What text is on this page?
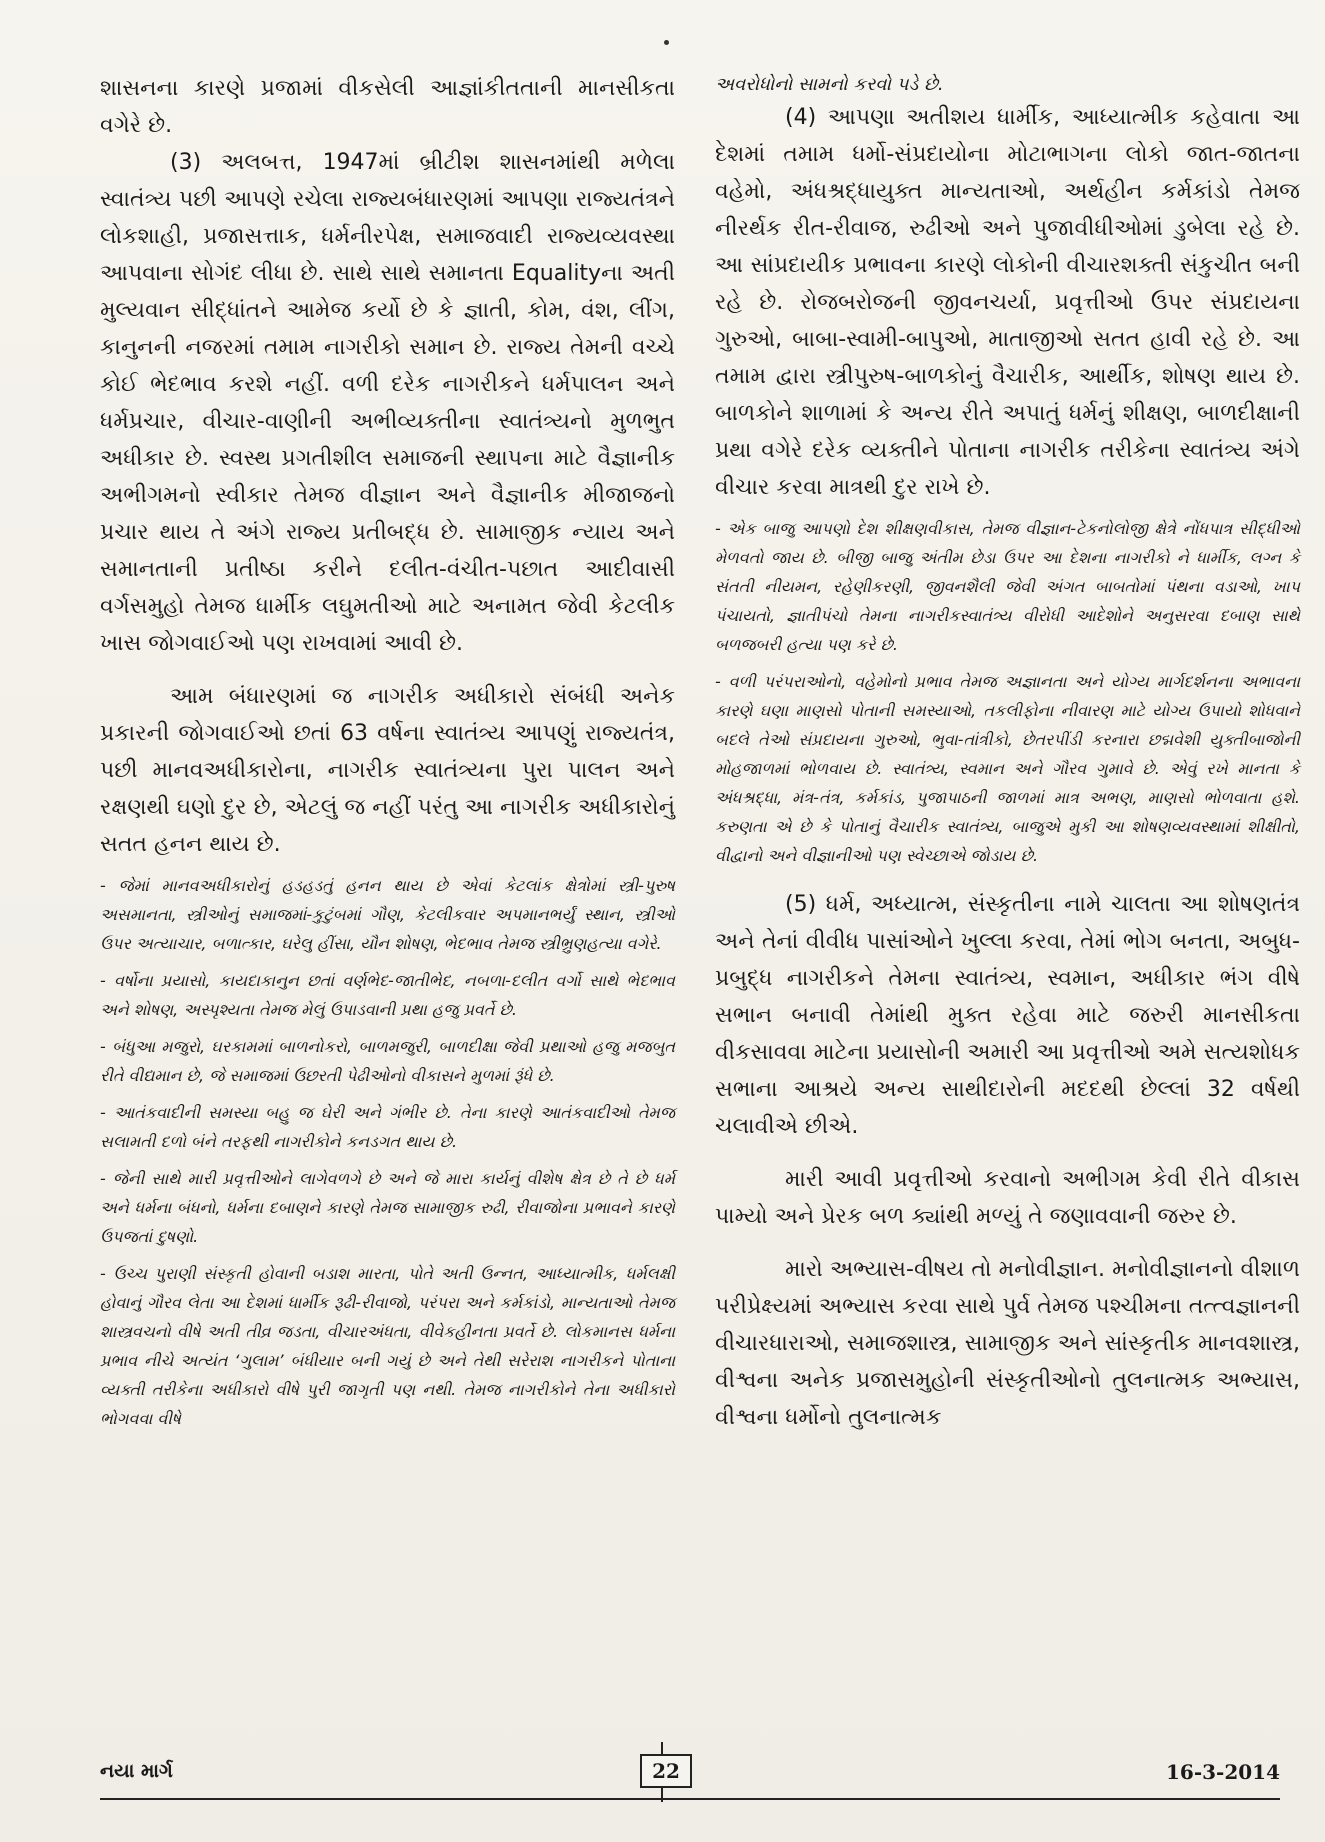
શાસનના કારણે પ્રજામાં વીકસેલી આજ્ઞાંકીતતાની માનસીકતા વગેરે છે.

(3) અલબત્ત, 1947માં બ્રીટીશ શાસનમાંથી મળેલા સ્વાતંત્ર્ય પછી આપણે રચેલા રાજ્યબંધારણમાં આપણા રાજ્યતંત્રને લોકશાહી, પ્રજાસત્તાક, ધર્મનીરપેક્ષ, સમાજવાદી રાજ્યવ્યવસ્થા આપવાના સોગંદ લીધા છે. સાથે સાથે સમાનતા Equalityના અતી મુલ્યવાન સીદ્ધાંતને આમેજ કર્યો છે કે જ્ઞાતી, કોમ, વંશ, લીંગ, કાનુનની નજરમાં તમામ નાગરીકો સમાન છે. રાજ્ય તેમની વચ્ચે કોઈ ભેદભાવ કરશે નહીં. વળી દરેક નાગરીકને ધર્મપાલન અને ધર્મપ્રચાર, વીચાર-વાણીની અભીવ્યક્તીના સ્વાતંત્ર્યનો મુળભુત અધીકાર છે. સ્વસ્થ પ્રગતીશીલ સમાજની સ્થાપના માટે વૈજ્ઞાનીક અભીગમનો સ્વીકાર તેમજ વીજ્ઞાન અને વૈજ્ઞાનીક મીજાજનો પ્રચાર થાય તે અંગે રાજ્ય પ્રતીબદ્ધ છે. સામાજીક ન્યાય અને સમાનતાની પ્રતીષ્ઠા કરીને દલીત-વંચીત-પછાત આદીવાસી વર્ગસમુહો તેમજ ધાર્મીક લઘુમતીઓ માટે અનામત જેવી કેટલીક ખાસ જોગવાઈઓ પણ રાખવામાં આવી છે.

આમ બંધારણમાં જ નાગરીક અધીકારો સંબંધી અનેક પ્રકારની જોગવાઈઓ છતાં 63 વર્ષના સ્વાતંત્ર્ય આપણું રાજ્યતંત્ર, પછી માનવઅધીકારોના, નાગરીક સ્વાતંત્ર્યના પુરા પાલન અને રક્ષણથી ઘણો દુર છે, એટલું જ નહીં પરંતુ આ નાગરીક અધીકારોનું સતત હનન થાય છે.

- જેમાં માનવઅધીકારોનું હડહડતું હનન થાય છે એવાં કેટલાંક ક્ષેત્રોમાં સ્ત્રી-પુરુષ અસમાનતા, સ્ત્રીઓનું સમાજમાં-કુટુંબમાં ગૌણ, કેટલીકવાર અપમાનભર્યું સ્થાન, સ્ત્રીઓ ઉપર અત્યાચાર, બળાત્કાર, ઘરેલુ હીંસા, યૌન શોષણ, ભેદભાવ તેમજ સ્ત્રીભ્રુણહત્યા વગેરે.

- વર્ષોના પ્રયાસો, કાયદાકાનુન છતાં વર્ણભેદ-જાતીભેદ, નબળા-દલીત વર્ગો સાથે ભેદભાવ અને શોષણ, અસ્પૃશ્યતા તેમજ મેલું ઉપાડવાની પ્રથા હજુ પ્રવર્તે છે.

- બંધુઆ મજુરો, ઘરકામમાં બાળનોકરો, બાળમજુરી, બાળદીક્ષા જેવી પ્રથાઓ હજુ મજબુત રીતે વીદ્યમાન છે, જે સમાજમાં ઉછરતી પેઢીઓનો વીકાસને મુળમાં રૂંધે છે.

- આતંકવાદીની સમસ્યા બહુ જ ઘેરી અને ગંભીર છે. તેના કારણે આતંકવાદીઓ તેમજ સલામતી દળો બંને તરફથી નાગરીકોને કનડગત થાય છે.

- જેની સાથે મારી પ્રવૃત્તીઓને લાગેવળગે છે અને જે મારા કાર્યનું વીશેષ ક્ષેત્ર છે તે છે ધર્મ અને ધર્મના બંધનો, ધર્મના દબાણને કારણે તેમજ સામાજીક રુઢી, રીવાજોના પ્રભાવને કારણે ઉપજતાં દુષણો.

- ઉચ્ચ પુરાણી સંસ્કૃતી હોવાની બડાશ મારતા, પોતે અતી ઉન્નત, આધ્યાત્મીક, ધર્મલક્ષી હોવાનું ગૌરવ લેતા આ દેશમાં ધાર્મીક રૂઢી-રીવાજો, પરંપરા અને કર્મકાંડો, માન્યતાઓ તેમજ શાસ્ત્રવચનો વીષે અતી તીવ્ર જડતા, વીચારઅંધતા, વીવેકહીનતા પ્રવર્તે છે. લોકમાનસ ધર્મના પ્રભાવ નીચે અત્યંત ‘ગુલામ’ બંધીયાર બની ગયું છે અને તેથી સરેરાશ નાગરીકને પોતાના વ્યક્તી તરીકેના અધીકારો વીષે પુરી જાગૃતી પણ નથી. તેમજ નાગરીકોને તેના અધીકારો ભોગવવા વીષે

અવરોધોનો સામનો કરવો પડે છે.

(4) આપણા અતીશય ધાર્મીક, આધ્યાત્મીક કહેવાતા આ દેશમાં તમામ ધર્મો-સંપ્રદાયોના મોટાભાગના લોકો જાત-જાતના વહેમો, અંધશ્રદ્ધાયુક્ત માન્યતાઓ, અર્થહીન કર્મકાંડો તેમજ નીરર્થક રીત-રીવાજ, રુઢીઓ અને પુજાવીધીઓમાં ડુબેલા રહે છે. આ સાંપ્રદાયીક પ્રભાવના કારણે લોકોની વીચારશક્તી સંકુચીત બની રહે છે. રોજબરોજની જીવનચર્યા, પ્રવૃત્તીઓ ઉપર સંપ્રદાયના ગુરુઓ, બાબા-સ્વામી-બાપુઓ, માતાજીઓ સતત હાવી રહે છે. આ તમામ દ્વારા સ્ત્રીપુરુષ-બાળકોનું વૈચારીક, આર્થીક, શોષણ થાય છે. બાળકોને શાળામાં કે અન્ય રીતે અપાતું ધર્મનું શીક્ષણ, બાળદીક્ષાની પ્રથા વગેરે દરેક વ્યક્તીને પોતાના નાગરીક તરીકેના સ્વાતંત્ર્ય અંગે વીચાર કરવા માત્રથી દુર રાખે છે.

- એક બાજુ આપણો દેશ શીક્ષણવીકાસ, તેમજ વીજ્ઞાન-ટેકનોલોજી ક્ષેત્રે નોંધપાત્ર સીદ્ધીઓ મેળવતો જાય છે. બીજી બાજુ અંતીમ છેડા ઉપર આ દેશના નાગરીકો ને ધાર્મીક, લગ્ન કે સંતતી નીયમન, રહેણીકરણી, જીવનશૈલી જેવી અંગત બાબતોમાં પંથના વડાઓ, ખાપ પંચાયતો, જ્ઞાતીપંચો તેમના નાગરીકસ્વાતંત્ર્ય વીરોધી આદેશોને અનુસરવા દબાણ સાથે બળજબરી હત્યા પણ કરે છે.

- વળી પરંપરાઓનો, વહેમોનો પ્રભાવ તેમજ અજ્ઞાનતા અને યોગ્ય માર્ગદર્શનના અભાવના કારણે ઘણા માણસો પોતાની સમસ્યાઓ, તકલીફોના નીવારણ માટે યોગ્ય ઉપાયો શોધવાને બદલે તેઓ સંપ્રદાયના ગુરુઓ, ભુવા-તાંત્રીકો, છેતરપીંડી કરનારા છદ્મવેશી યુક્તીબાજોની મોહજાળમાં ભોળવાય છે. સ્વાતંત્ર્ય, સ્વમાન અને ગૌરવ ગુમાવે છે. એવું રખે માનતા કે અંધશ્રદ્ધા, મંત્ર-તંત્ર, કર્મકાંડ, પુજાપાઠની જાળમાં માત્ર અભણ, માણસો ભોળવાતા હશે. કરુણતા એ છે કે પોતાનું વૈચારીક સ્વાતંત્ર્ય, બાજુએ મુકી આ શોષણવ્યવસ્થામાં શીક્ષીતો, વીદ્વાનો અને વીજ્ઞાનીઓ પણ સ્વેચ્છાએ જોડાય છે.

(5) ધર્મ, અધ્યાત્મ, સંસ્કૃતીના નામે ચાલતા આ શોષણતંત્ર અને તેનાં વીવીધ પાસાંઓને ખુલ્લા કરવા, તેમાં ભોગ બનતા, અબુધ-પ્રબુદ્ધ નાગરીકને તેમના સ્વાતંત્ર્ય, સ્વમાન, અધીકાર ભંગ વીષે સભાન બનાવી તેમાંથી મુક્ત રહેવા માટે જરુરી માનસીકતા વીકસાવવા માટેના પ્રયાસોની અમારી આ પ્રવૃત્તીઓ અમે સત્યશોધક સભાના આશ્રયે અન્ય સાથીદારોની મદદથી છેલ્લાં 32 વર્ષથી ચલાવીએ છીએ.

મારી આવી પ્રવૃત્તીઓ કરવાનો અભીગમ કેવી રીતે વીકાસ પામ્યો અને પ્રેરક બળ ક્યાંથી મળ્યું તે જણાવવાની જરુર છે.

મારો અભ્યાસ-વીષય તો મનોવીજ્ઞાન. મનોવીજ્ઞાનનો વીશાળ પરીપ્રેક્ષ્યમાં અભ્યાસ કરવા સાથે પુર્વ તેમજ પશ્ચીમના તત્ત્વજ્ઞાનની વીચારધારાઓ, સમાજશાસ્ત્ર, સામાજીક અને સાંસ્કૃતીક માનવશાસ્ત્ર, વીશ્વના અનેક પ્રજાસમુહોની સંસ્કૃતીઓનો તુલનાત્મક અભ્યાસ, વીશ્વના ધર્મોનો તુલનાત્મક

નયા માર્ગ	22	16-3-2014
